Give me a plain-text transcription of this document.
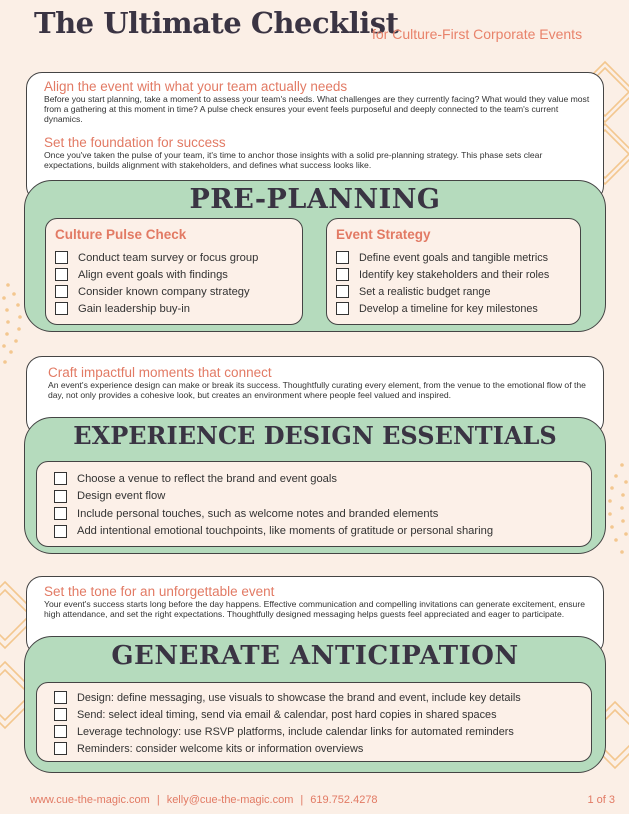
The Ultimate Checklist
for Culture-First Corporate Events
Align the event with what your team actually needs

Before you start planning, take a moment to assess your team's needs. What challenges are they currently facing? What would they value most from a gathering at this moment in time? A pulse check ensures your event feels purposeful and deeply connected to the team's current dynamics.

Set the foundation for success

Once you've taken the pulse of your team, it's time to anchor those insights with a solid pre-planning strategy. This phase sets clear expectations, builds alignment with stakeholders, and defines what success looks like.

PRE-PLANNING
Culture Pulse Check
Conduct team survey or focus group
Align event goals with findings
Consider known company strategy
Gain leadership buy-in
Event Strategy
Define event goals and tangible metrics
Identify key stakeholders and their roles
Set a realistic budget range
Develop a timeline for key milestones
Craft impactful moments that connect

An event's experience design can make or break its success. Thoughtfully curating every element, from the venue to the emotional flow of the day, not only provides a cohesive look, but creates an environment where people feel valued and inspired.

EXPERIENCE DESIGN ESSENTIALS
Choose a venue to reflect the brand and event goals
Design event flow
Include personal touches, such as welcome notes and branded elements
Add intentional emotional touchpoints, like moments of gratitude or personal sharing
Set the tone for an unforgettable event

Your event's success starts long before the day happens. Effective communication and compelling invitations can generate excitement, ensure high attendance, and set the right expectations. Thoughtfully designed messaging helps guests feel appreciated and eager to participate.

GENERATE ANTICIPATION
Design: define messaging, use visuals to showcase the brand and event, include key details
Send: select ideal timing, send via email & calendar, post hard copies in shared spaces
Leverage technology: use RSVP platforms, include calendar links for automated reminders
Reminders: consider welcome kits or information overviews
www.cue-the-magic.com | kelly@cue-the-magic.com | 619.752.4278	1 of 3
